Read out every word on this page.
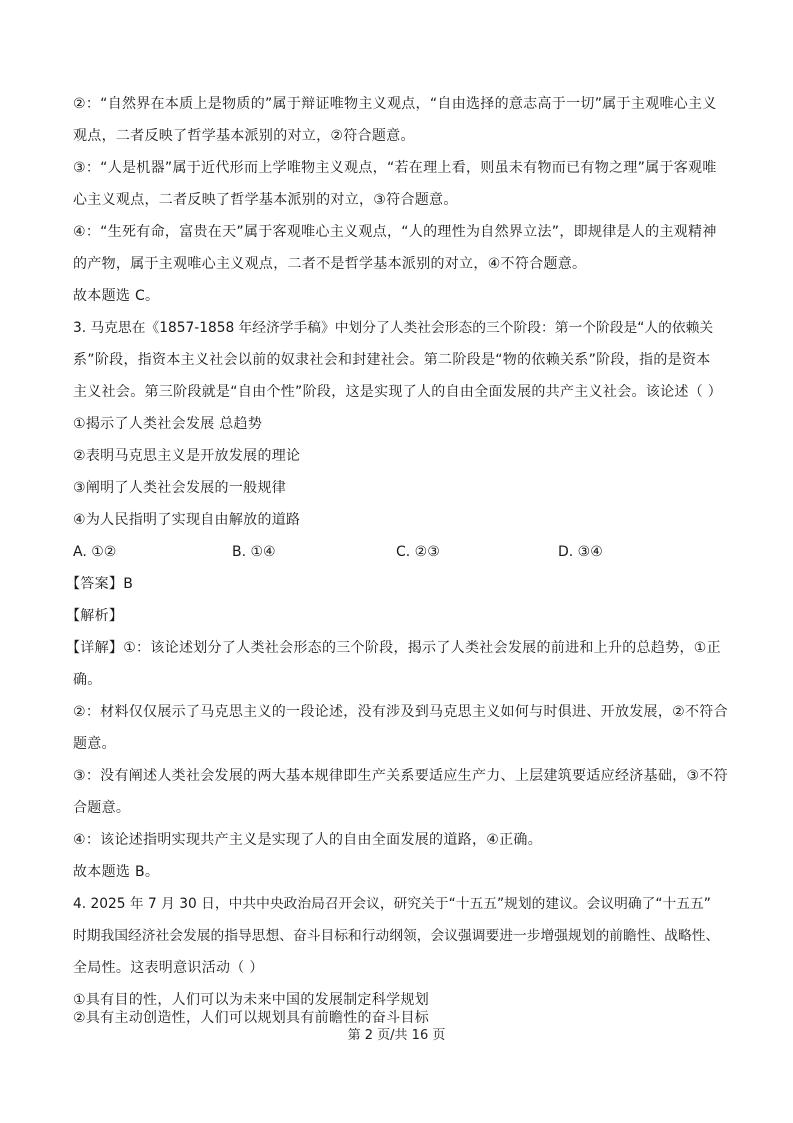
②：“自然界在本质上是物质的”属于辩证唯物主义观点，“自由选择的意志高于一切”属于主观唯心主义
观点，二者反映了哲学基本派别的对立，②符合题意。
③：“人是机器”属于近代形而上学唯物主义观点，“若在理上看，则虽未有物而已有物之理”属于客观唯
心主义观点，二者反映了哲学基本派别的对立，③符合题意。
④：“生死有命，富贵在天”属于客观唯心主义观点，“人的理性为自然界立法”，即规律是人的主观精神
的产物，属于主观唯心主义观点，二者不是哲学基本派别的对立，④不符合题意。
故本题选 C。
3. 马克思在《1857-1858 年经济学手稿》中划分了人类社会形态的三个阶段：第一个阶段是“人的依赖关
系”阶段，指资本主义社会以前的奴隶社会和封建社会。第二阶段是“物的依赖关系”阶段，指的是资本
主义社会。第三阶段就是“自由个性”阶段，这是实现了人的自由全面发展的共产主义社会。该论述（ ）
①揭示了人类社会发展 总趋势
②表明马克思主义是开放发展的理论
③阐明了人类社会发展的一般规律
④为人民指明了实现自由解放的道路
A. ①②	B. ①④	C. ②③	D. ③④
【答案】B
【解析】
【详解】①：该论述划分了人类社会形态的三个阶段，揭示了人类社会发展的前进和上升的总趋势，①正
确。
②：材料仅仅展示了马克思主义的一段论述，没有涉及到马克思主义如何与时俱进、开放发展，②不符合
题意。
③：没有阐述人类社会发展的两大基本规律即生产关系要适应生产力、上层建筑要适应经济基础，③不符
合题意。
④：该论述指明实现共产主义是实现了人的自由全面发展的道路，④正确。
故本题选 B。
4. 2025 年 7 月 30 日，中共中央政治局召开会议，研究关于“十五五”规划的建议。会议明确了“十五五”
时期我国经济社会发展的指导思想、奋斗目标和行动纲领，会议强调要进一步增强规划的前瞻性、战略性、
全局性。这表明意识活动（ ）
①具有目的性，人们可以为未来中国的发展制定科学规划
②具有主动创造性，人们可以规划具有前瞻性的奋斗目标
第 2 页/共 16 页
